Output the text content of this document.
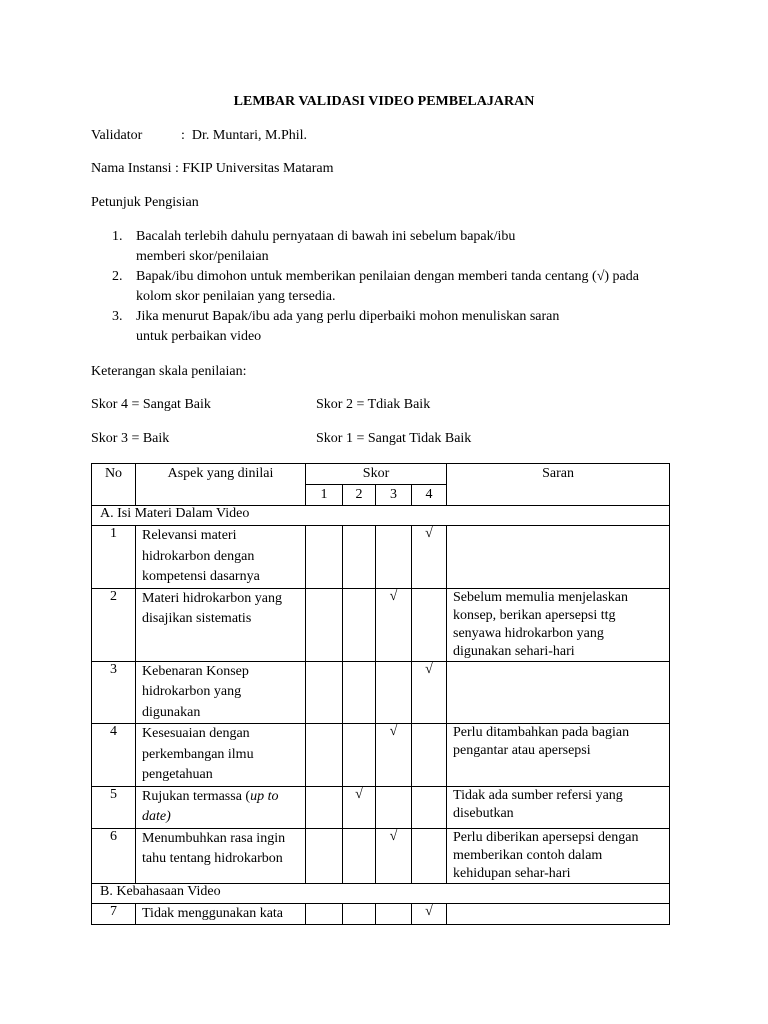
LEMBAR VALIDASI VIDEO PEMBELAJARAN
Validator	: Dr. Muntari, M.Phil.
Nama Instansi : FKIP Universitas Mataram
Petunjuk Pengisian
1. Bacalah terlebih dahulu pernyataan di bawah ini sebelum bapak/ibu
memberi skor/penilaian
2. Bapak/ibu dimohon untuk memberikan penilaian dengan memberi tanda centang (√) pada
kolom skor penilaian yang tersedia.
3. Jika menurut Bapak/ibu ada yang perlu diperbaiki mohon menuliskan saran
untuk perbaikan video
Keterangan skala penilaian:
Skor 4 = Sangat Baik	Skor 2 = Tdiak Baik
Skor 3 = Baik	Skor 1 = Sangat Tidak Baik
No	Aspek yang dinilai	Skor				Saran
		1	2	3	4	
A. Isi Materi Dalam Video						
1	Relevansi materi
hidrokarbon dengan
kompetensi dasarnya				√	
2	Materi hidrokarbon yang
disajikan sistematis			√		Sebelum memulia menjelaskan
konsep, berikan apersepsi ttg
senyawa hidrokarbon yang
digunakan sehari-hari
3	Kebenaran Konsep
hidrokarbon yang
digunakan				√	
4	Kesesuaian dengan
perkembangan ilmu
pengetahuan			√		Perlu ditambahkan pada bagian
pengantar atau apersepsi
5	Rujukan termassa (up to
date)		√			Tidak ada sumber refersi yang
disebutkan
6	Menumbuhkan rasa ingin
tahu tentang hidrokarbon			√		Perlu diberikan apersepsi dengan
memberikan contoh dalam
kehidupan sehar-hari
B. Kebahasaan Video						
7	Tidak menggunakan kata				√	
